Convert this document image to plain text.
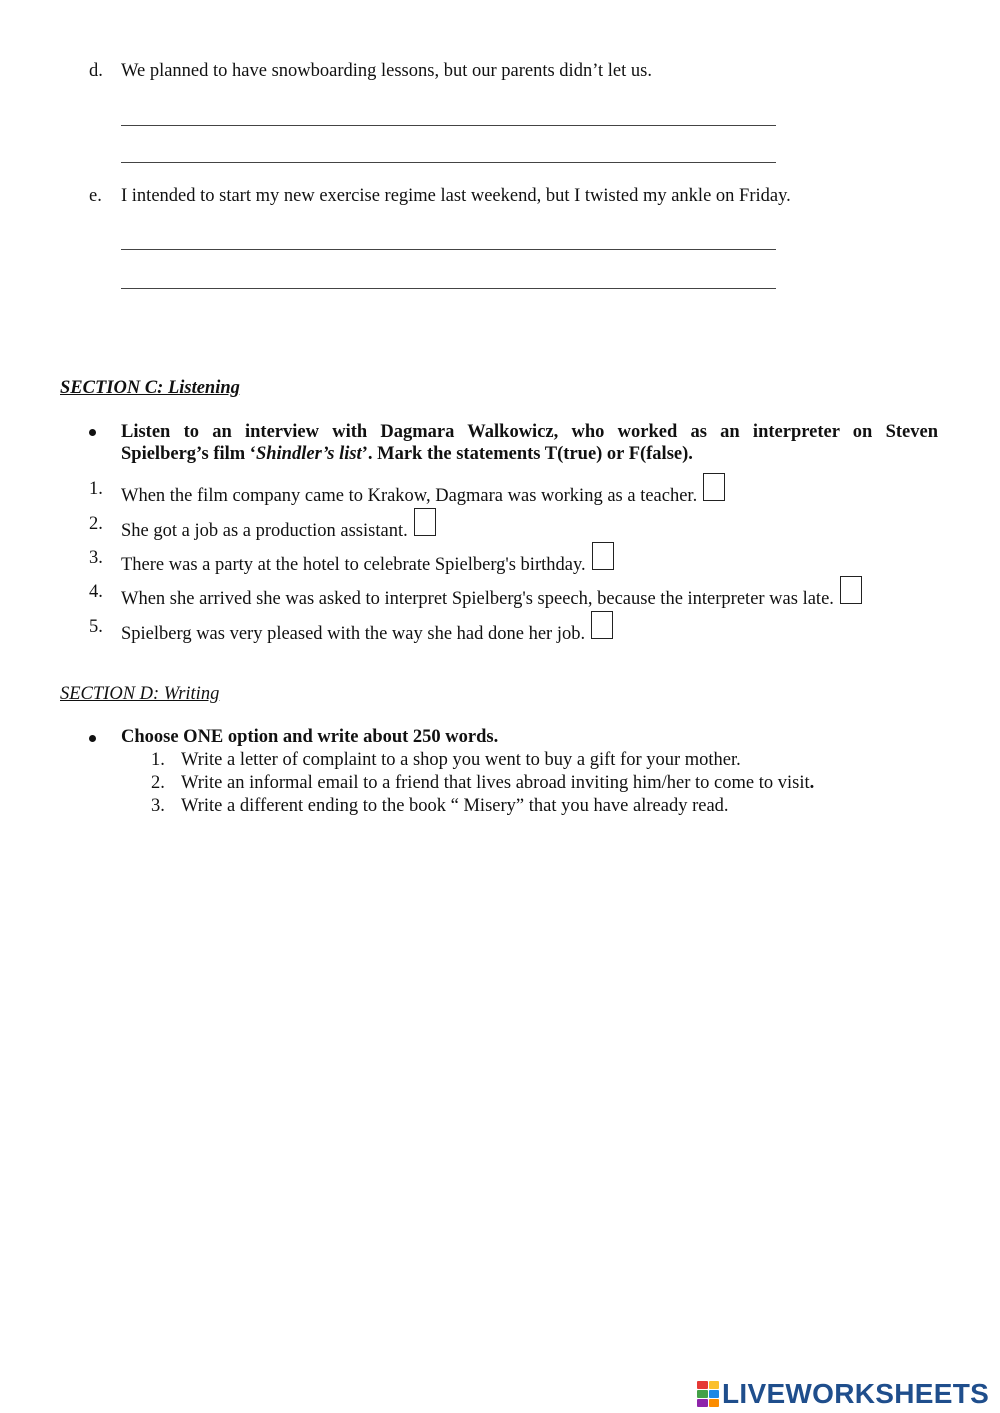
d. We planned to have snowboarding lessons, but our parents didn’t let us.
e. I intended to start my new exercise regime last weekend, but I twisted my ankle on Friday.
SECTION C: Listening
Listen to an interview with Dagmara Walkowicz, who worked as an interpreter on Steven
Spielberg’s film ‘Shindler’s list’. Mark the statements T(true) or F(false).
1. When the film company came to Krakow, Dagmara was working as a teacher.
2. She got a job as a production assistant.
3. There was a party at the hotel to celebrate Spielberg's birthday.
4. When she arrived she was asked to interpret Spielberg's speech, because the interpreter was late.
5. Spielberg was very pleased with the way she had done her job.
SECTION D: Writing
Choose ONE option and write about 250 words.
1. Write a letter of complaint to a shop you went to buy a gift for your mother.
2. Write an informal email to a friend that lives abroad inviting him/her to come to visit.
3. Write a different ending to the book “ Misery” that you have already read.
LIVEWORKSHEETS
